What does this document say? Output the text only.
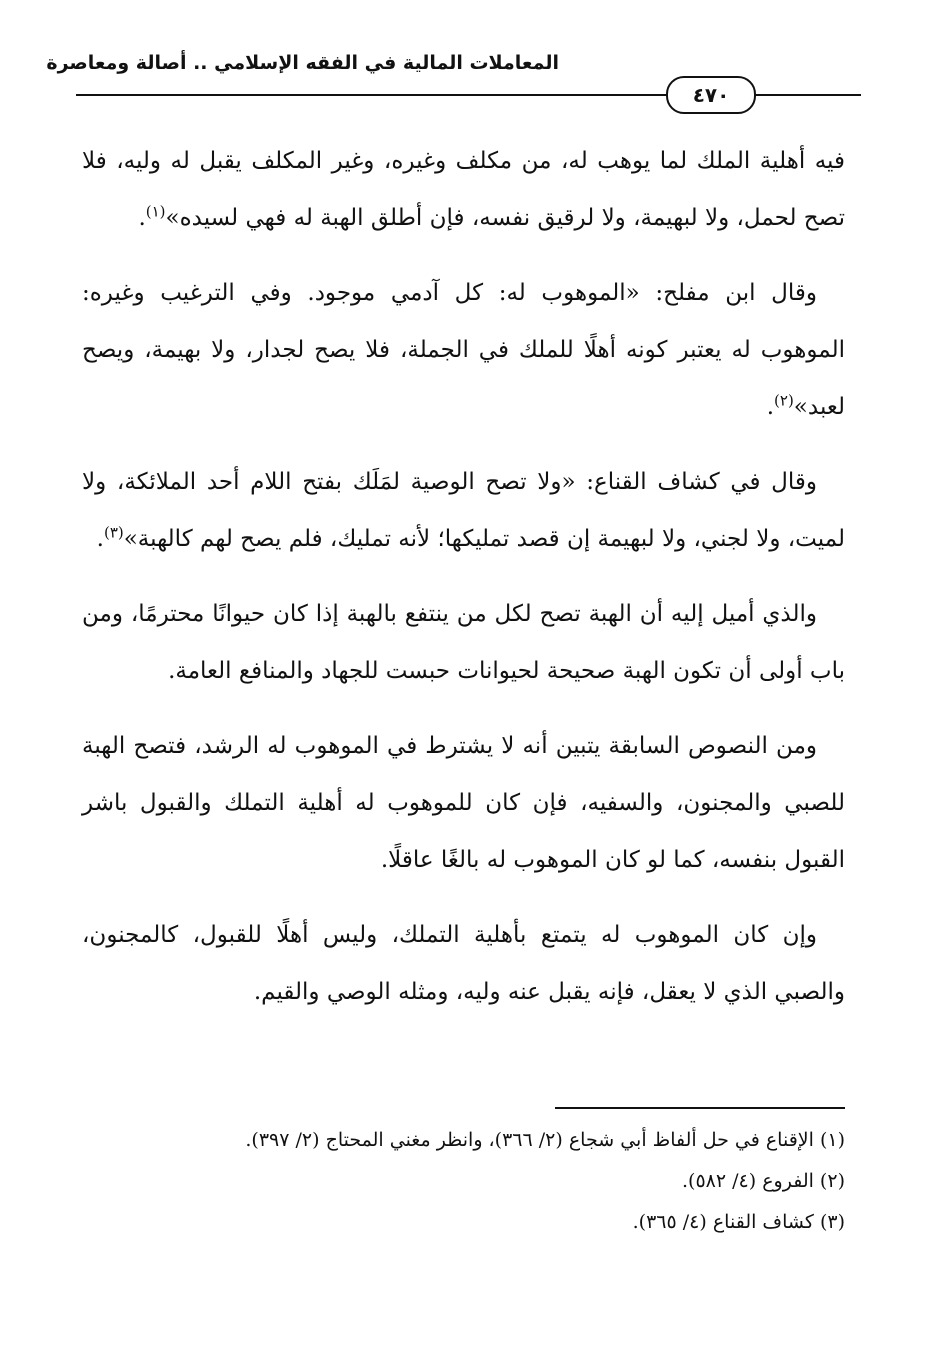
المعاملات المالية في الفقه الإسلامي .. أصالة ومعاصرة
٤٧٠

فيه أهلية الملك لما يوهب له، من مكلف وغيره، وغير المكلف يقبل له وليه، فلا تصح لحمل، ولا لبهيمة، ولا لرقيق نفسه، فإن أطلق الهبة له فهي لسيده»$^{(١)}$.

وقال ابن مفلح: «الموهوب له: كل آدمي موجود. وفي الترغيب وغيره: الموهوب له يعتبر كونه أهلًا للملك في الجملة، فلا يصح لجدار، ولا بهيمة، ويصح لعبد»$^{(٢)}$.

وقال في كشاف القناع: «ولا تصح الوصية لمَلَك بفتح اللام أحد الملائكة، ولا لميت، ولا لجني، ولا لبهيمة إن قصد تمليكها؛ لأنه تمليك، فلم يصح لهم كالهبة»$^{(٣)}$.

والذي أميل إليه أن الهبة تصح لكل من ينتفع بالهبة إذا كان حيوانًا محترمًا، ومن باب أولى أن تكون الهبة صحيحة لحيوانات حبست للجهاد والمنافع العامة.

ومن النصوص السابقة يتبين أنه لا يشترط في الموهوب له الرشد، فتصح الهبة للصبي والمجنون، والسفيه، فإن كان للموهوب له أهلية التملك والقبول باشر القبول بنفسه، كما لو كان الموهوب له بالغًا عاقلًا.

وإن كان الموهوب له يتمتع بأهلية التملك، وليس أهلًا للقبول، كالمجنون، والصبي الذي لا يعقل، فإنه يقبل عنه وليه، ومثله الوصي والقيم.

(١) الإقناع في حل ألفاظ أبي شجاع (٢/ ٣٦٦)، وانظر مغني المحتاج (٢/ ٣٩٧).

(٢) الفروع (٤/ ٥٨٢).

(٣) كشاف القناع (٤/ ٣٦٥).
